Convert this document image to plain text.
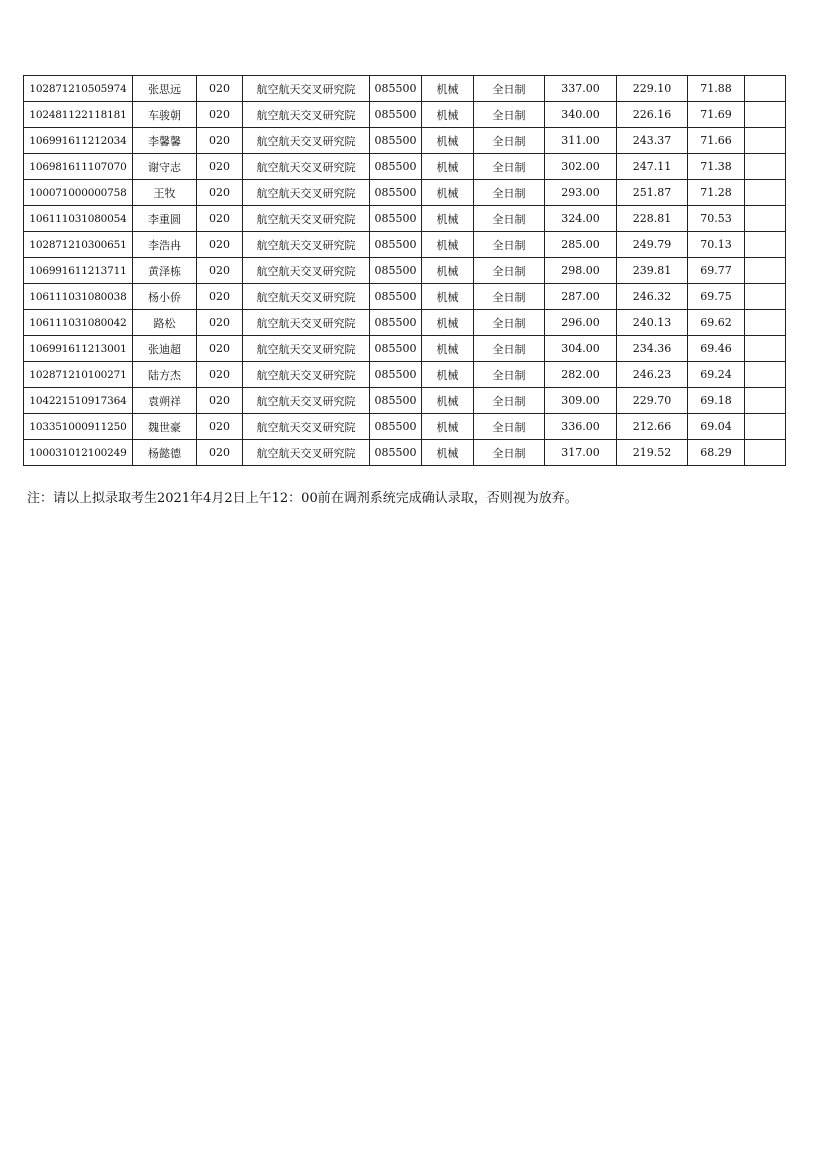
102871210505974	张思远	020	航空航天交叉研究院	085500	机械	全日制	337.00	229.10	71.88	
102481122118181	车骏朝	020	航空航天交叉研究院	085500	机械	全日制	340.00	226.16	71.69	
106991611212034	李馨馨	020	航空航天交叉研究院	085500	机械	全日制	311.00	243.37	71.66	
106981611107070	谢守志	020	航空航天交叉研究院	085500	机械	全日制	302.00	247.11	71.38	
100071000000758	王牧	020	航空航天交叉研究院	085500	机械	全日制	293.00	251.87	71.28	
106111031080054	李重圆	020	航空航天交叉研究院	085500	机械	全日制	324.00	228.81	70.53	
102871210300651	李浩冉	020	航空航天交叉研究院	085500	机械	全日制	285.00	249.79	70.13	
106991611213711	黄泽栋	020	航空航天交叉研究院	085500	机械	全日制	298.00	239.81	69.77	
106111031080038	杨小侨	020	航空航天交叉研究院	085500	机械	全日制	287.00	246.32	69.75	
106111031080042	路松	020	航空航天交叉研究院	085500	机械	全日制	296.00	240.13	69.62	
106991611213001	张迪超	020	航空航天交叉研究院	085500	机械	全日制	304.00	234.36	69.46	
102871210100271	陆方杰	020	航空航天交叉研究院	085500	机械	全日制	282.00	246.23	69.24	
104221510917364	袁朔祥	020	航空航天交叉研究院	085500	机械	全日制	309.00	229.70	69.18	
103351000911250	魏世豪	020	航空航天交叉研究院	085500	机械	全日制	336.00	212.66	69.04	
100031012100249	杨懿德	020	航空航天交叉研究院	085500	机械	全日制	317.00	219.52	68.29	
注：请以上拟录取考生2021年4月2日上午12：00前在调剂系统完成确认录取，否则视为放弃。
